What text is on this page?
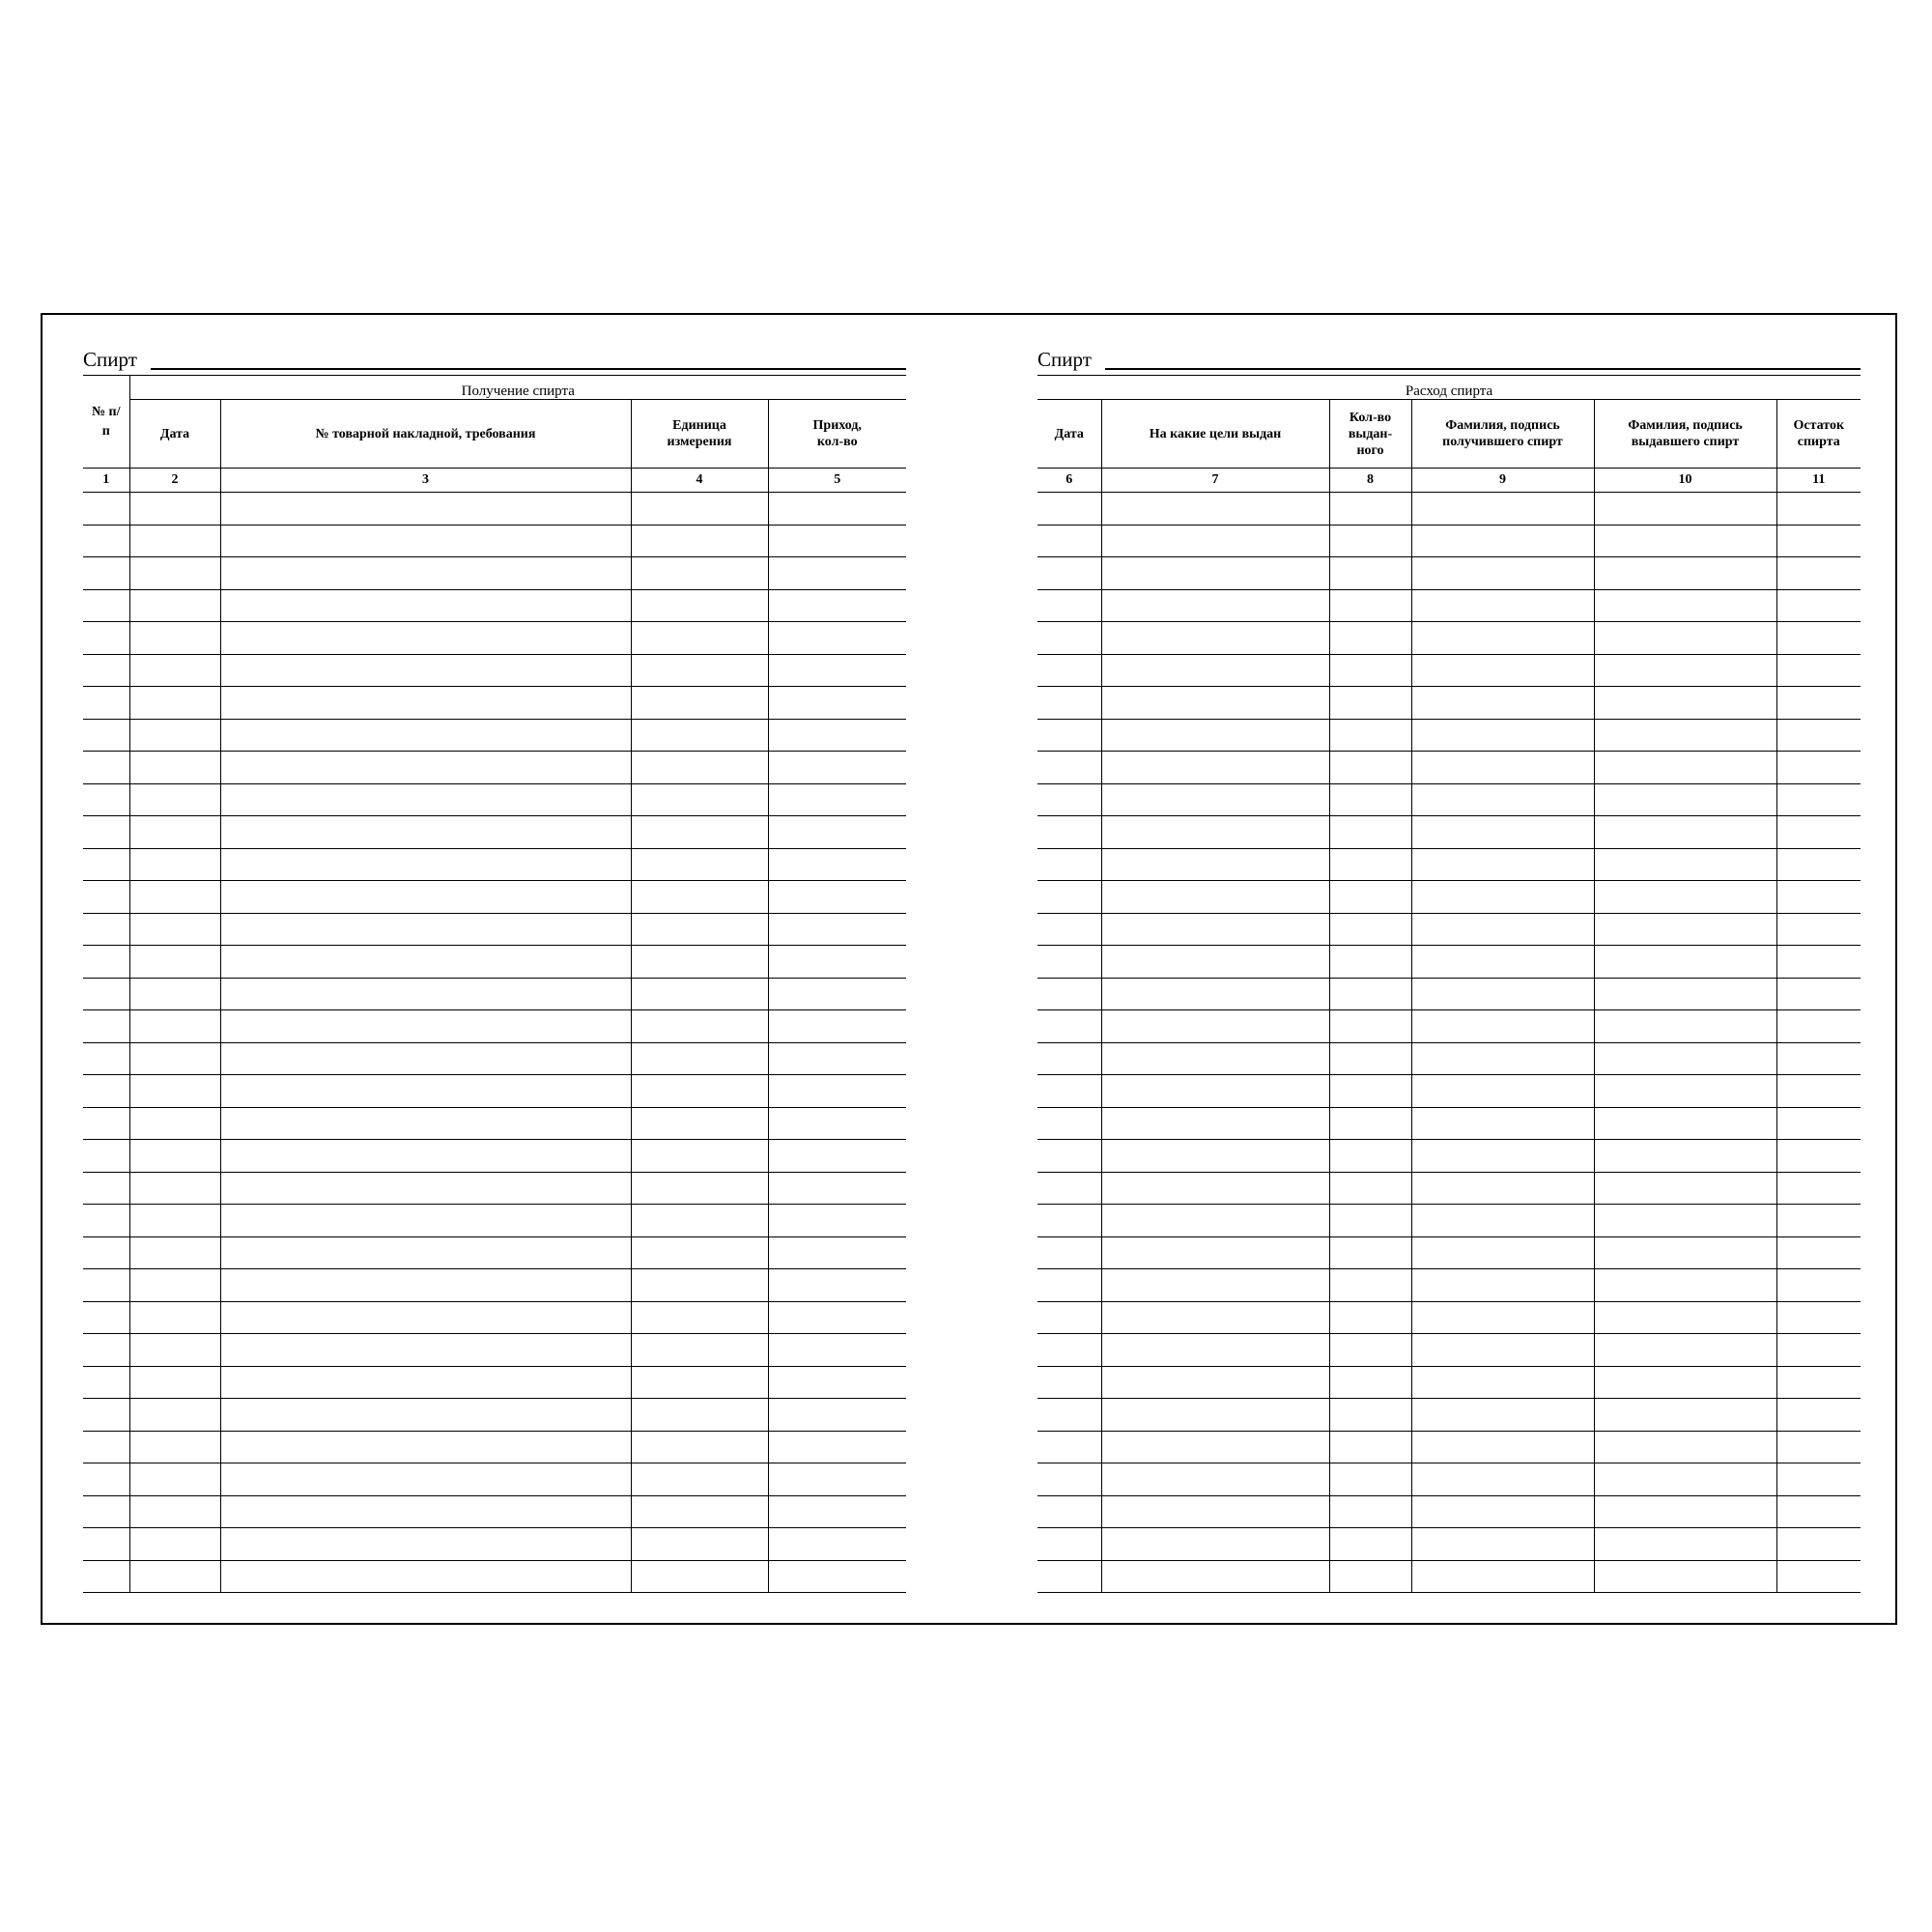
Спирт
№ п/п	Получение спирта			
	Дата	№ товарной накладной, требования	Единица измерения	Приход, кол-во
1	2	3	4	5

Спирт
Расход спирта					
Дата	На какие цели выдан	Кол-во выдан-ного	Фамилия, подпись получившего спирт	Фамилия, подпись выдавшего спирт	Остаток спирта
6	7	8	9	10	11
